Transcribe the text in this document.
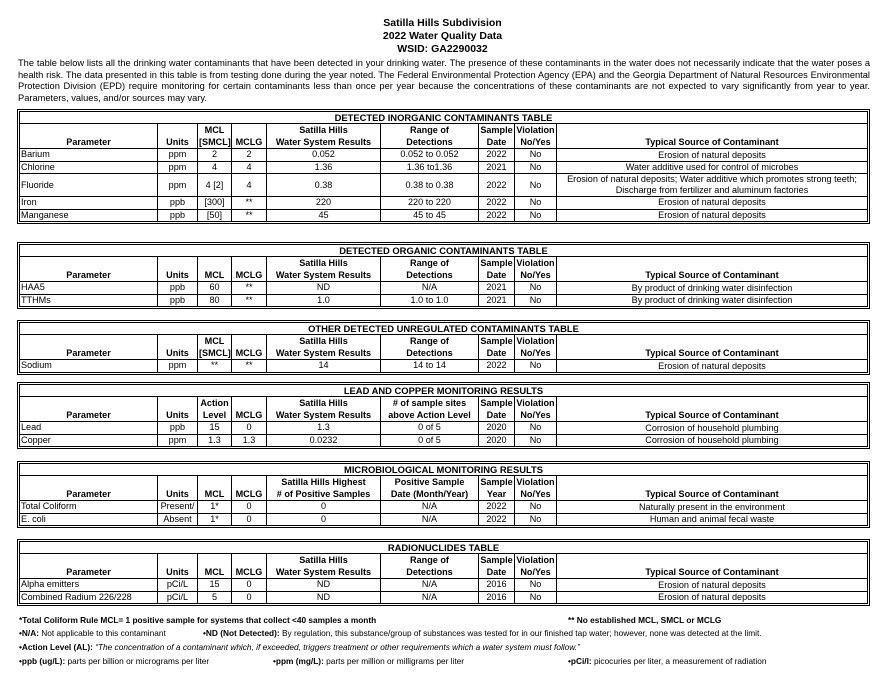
Satilla Hills Subdivision
2022 Water Quality Data
WSID: GA2290032
The table below lists all the drinking water contaminants that have been detected in your drinking water. The presence of these contaminants in the water does not necessarily indicate that the water poses a health risk. The data presented in this table is from testing done during the year noted. The Federal Environmental Protection Agency (EPA) and the Georgia Department of Natural Resources Environmental Protection Division (EPD) require monitoring for certain contaminants less than once per year because the concentrations of these contaminants are not expected to vary significantly from year to year. Parameters, values, and/or sources may vary.
DETECTED INORGANIC CONTAMINANTS TABLE								
		MCL		Satilla Hills	Range of	Sample	Violation	
Parameter	Units	[SMCL]	MCLG	Water System Results	Detections	Date	No/Yes	Typical Source of Contaminant
Barium	ppm	2	2	0.052	0.052 to 0.052	2022	No	Erosion of natural deposits
Chlorine	ppm	4	4	1.36	1.36 to1.36	2021	No	Water additive used for control of microbes
Fluoride	ppm	4 [2]	4	0.38	0.38 to 0.38	2022	No	Erosion of natural deposits; Water additive which promotes strong teeth; Discharge from fertilizer and aluminum factories
Iron	ppb	[300]	**	220	220 to 220	2022	No	Erosion of natural deposits
Manganese	ppb	[50]	**	45	45 to 45	2022	No	Erosion of natural deposits
DETECTED ORGANIC CONTAMINANTS TABLE								
				Satilla Hills	Range of	Sample	Violation	
Parameter	Units	MCL	MCLG	Water System Results	Detections	Date	No/Yes	Typical Source of Contaminant
HAA5	ppb	60	**	ND	N/A	2021	No	By product of drinking water disinfection
TTHMs	ppb	80	**	1.0	1.0 to 1.0	2021	No	By product of drinking water disinfection
OTHER DETECTED UNREGULATED CONTAMINANTS TABLE								
		MCL		Satilla Hills	Range of	Sample	Violation	
Parameter	Units	[SMCL]	MCLG	Water System Results	Detections	Date	No/Yes	Typical Source of Contaminant
Sodium	ppm	**	**	14	14 to 14	2022	No	Erosion of natural deposits
LEAD AND COPPER MONITORING RESULTS								
		Action		Satilla Hills	# of sample sites	Sample	Violation	
Parameter	Units	Level	MCLG	Water System Results	above Action Level	Date	No/Yes	Typical Source of Contaminant
Lead	ppb	15	0	1.3	0 of 5	2020	No	Corrosion of household plumbing
Copper	ppm	1.3	1.3	0.0232	0 of 5	2020	No	Corrosion of household plumbing
MICROBIOLOGICAL MONITORING RESULTS								
				Satilla Hills Highest	Positive Sample	Sample	Violation	
Parameter	Units	MCL	MCLG	# of Positive Samples	Date (Month/Year)	Year	No/Yes	Typical Source of Contaminant
Total Coliform	Present/	1*	0	0	N/A	2022	No	Naturally present in the environment
E. coli	Absent	1*	0	0	N/A	2022	No	Human and animal fecal waste
RADIONUCLIDES TABLE								
				Satilla Hills	Range of	Sample	Violation	
Parameter	Units	MCL	MCLG	Water System Results	Detections	Date	No/Yes	Typical Source of Contaminant
Alpha emitters	pCi/L	15	0	ND	N/A	2016	No	Erosion of natural deposits
Combined Radium 226/228	pCi/L	5	0	ND	N/A	2016	No	Erosion of natural deposits
*Total Coliform Rule MCL= 1 positive sample for systems that collect <40 samples a month	** No established MCL, SMCL or MCLG
•N/A: Not applicable to this contaminant	•ND (Not Detected): By regulation, this substance/group of substances was tested for in our finished tap water; however, none was detected at the limit.
•Action Level (AL): “The concentration of a contaminant which, if exceeded, triggers treatment or other requirements which a water system must follow.”
•ppb (ug/L): parts per billion or micrograms per liter	•ppm (mg/L): parts per million or milligrams per liter	•pCi/l: picocuries per liter, a measurement of radiation
